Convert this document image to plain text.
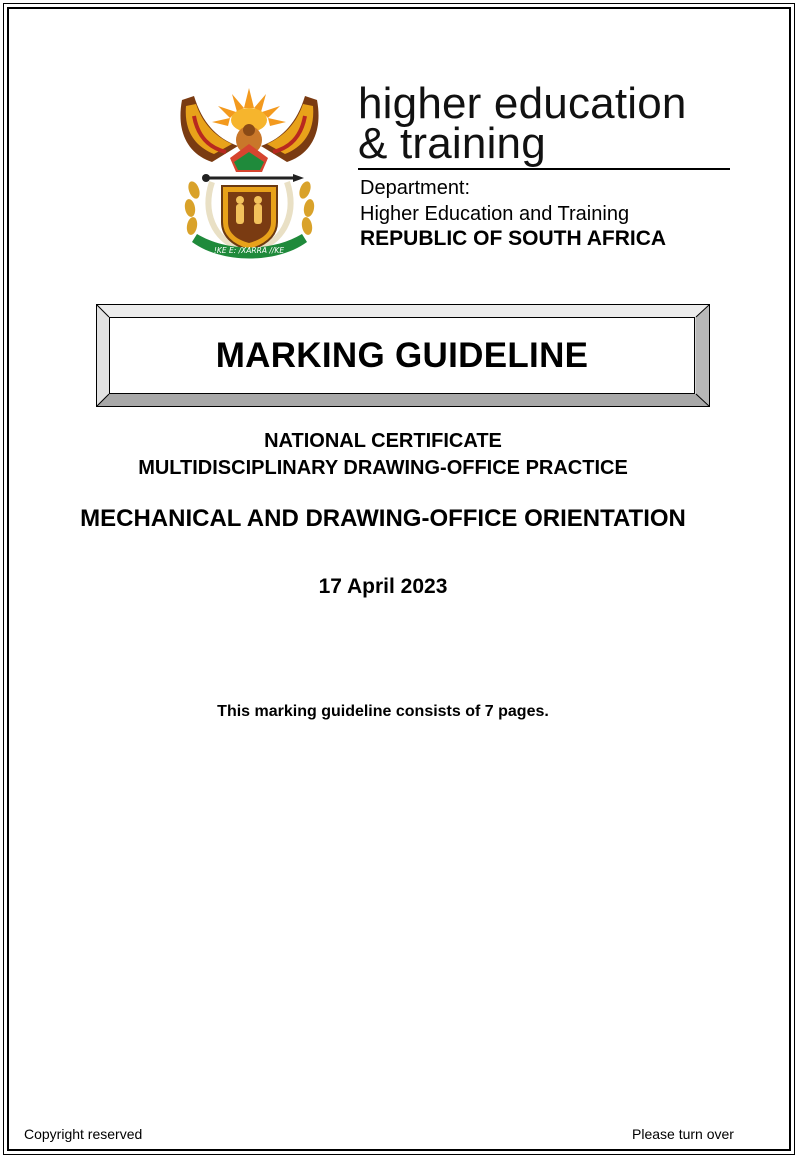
!KE E: /XARRA //KE
higher education
& training
Department:
Higher Education and Training
REPUBLIC OF SOUTH AFRICA
MARKING GUIDELINE
NATIONAL CERTIFICATE
MULTIDISCIPLINARY DRAWING-OFFICE PRACTICE
MECHANICAL AND DRAWING-OFFICE ORIENTATION
17 April 2023
This marking guideline consists of 7 pages.
Copyright reserved	Please turn over
